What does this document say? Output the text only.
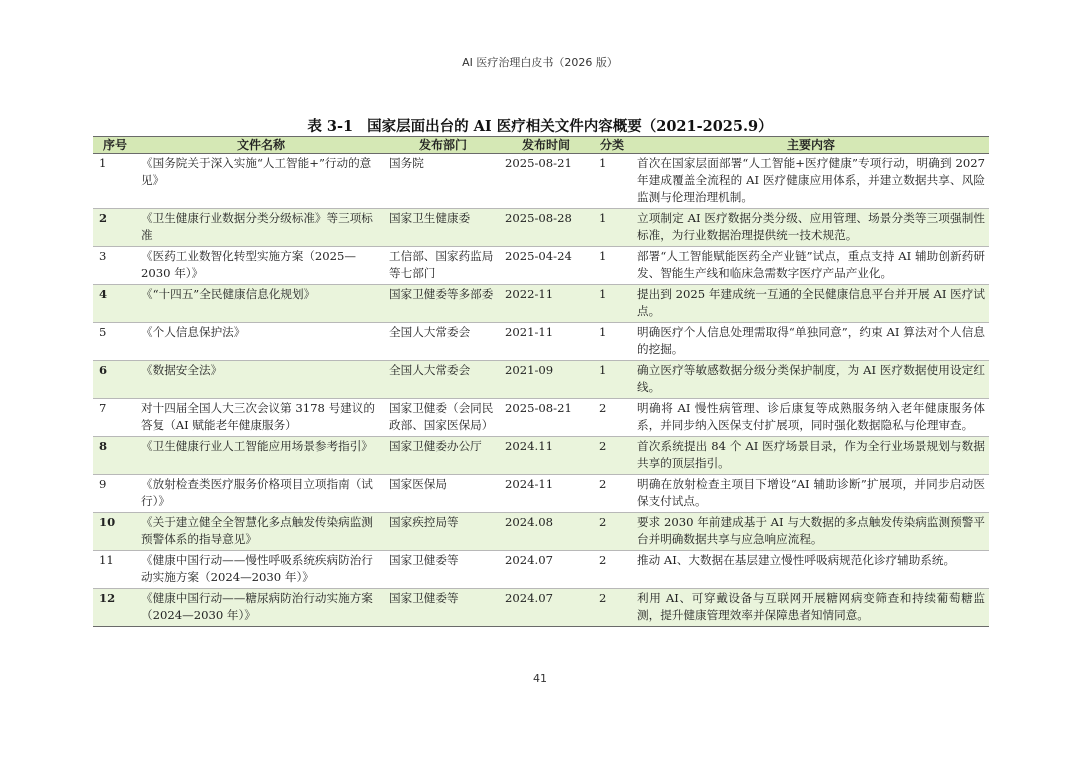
AI 医疗治理白皮书（2026 版）
表 3-1 国家层面出台的 AI 医疗相关文件内容概要（2021-2025.9）
序号	文件名称	发布部门	发布时间	分类	主要内容
1	《国务院关于深入实施“人工智能+”行动的意见》	国务院	2025-08-21	1	首次在国家层面部署“人工智能+医疗健康”专项行动，明确到 2027 年建成覆盖全流程的 AI 医疗健康应用体系，并建立数据共享、风险监测与伦理治理机制。
2	《卫生健康行业数据分类分级标准》等三项标准	国家卫生健康委	2025-08-28	1	立项制定 AI 医疗数据分类分级、应用管理、场景分类等三项强制性标准，为行业数据治理提供统一技术规范。
3	《医药工业数智化转型实施方案（2025—2030 年）》	工信部、国家药监局等七部门	2025-04-24	1	部署“人工智能赋能医药全产业链”试点，重点支持 AI 辅助创新药研发、智能生产线和临床急需数字医疗产品产业化。
4	《“十四五”全民健康信息化规划》	国家卫健委等多部委	2022-11	1	提出到 2025 年建成统一互通的全民健康信息平台并开展 AI 医疗试点。
5	《个人信息保护法》	全国人大常委会	2021-11	1	明确医疗个人信息处理需取得“单独同意”，约束 AI 算法对个人信息的挖掘。
6	《数据安全法》	全国人大常委会	2021-09	1	确立医疗等敏感数据分级分类保护制度，为 AI 医疗数据使用设定红线。
7	对十四届全国人大三次会议第 3178 号建议的答复（AI 赋能老年健康服务）	国家卫健委（会同民政部、国家医保局）	2025-08-21	2	明确将 AI 慢性病管理、诊后康复等成熟服务纳入老年健康服务体系，并同步纳入医保支付扩展项，同时强化数据隐私与伦理审查。
8	《卫生健康行业人工智能应用场景参考指引》	国家卫健委办公厅	2024.11	2	首次系统提出 84 个 AI 医疗场景目录，作为全行业场景规划与数据共享的顶层指引。
9	《放射检查类医疗服务价格项目立项指南（试行）》	国家医保局	2024-11	2	明确在放射检查主项目下增设“AI 辅助诊断”扩展项，并同步启动医保支付试点。
10	《关于建立健全全智慧化多点触发传染病监测预警体系的指导意见》	国家疾控局等	2024.08	2	要求 2030 年前建成基于 AI 与大数据的多点触发传染病监测预警平台并明确数据共享与应急响应流程。
11	《健康中国行动——慢性呼吸系统疾病防治行动实施方案（2024—2030 年）》	国家卫健委等	2024.07	2	推动 AI、大数据在基层建立慢性呼吸病规范化诊疗辅助系统。
12	《健康中国行动——糖尿病防治行动实施方案（2024—2030 年）》	国家卫健委等	2024.07	2	利用 AI、可穿戴设备与互联网开展糖网病变筛查和持续葡萄糖监测，提升健康管理效率并保障患者知情同意。
41
